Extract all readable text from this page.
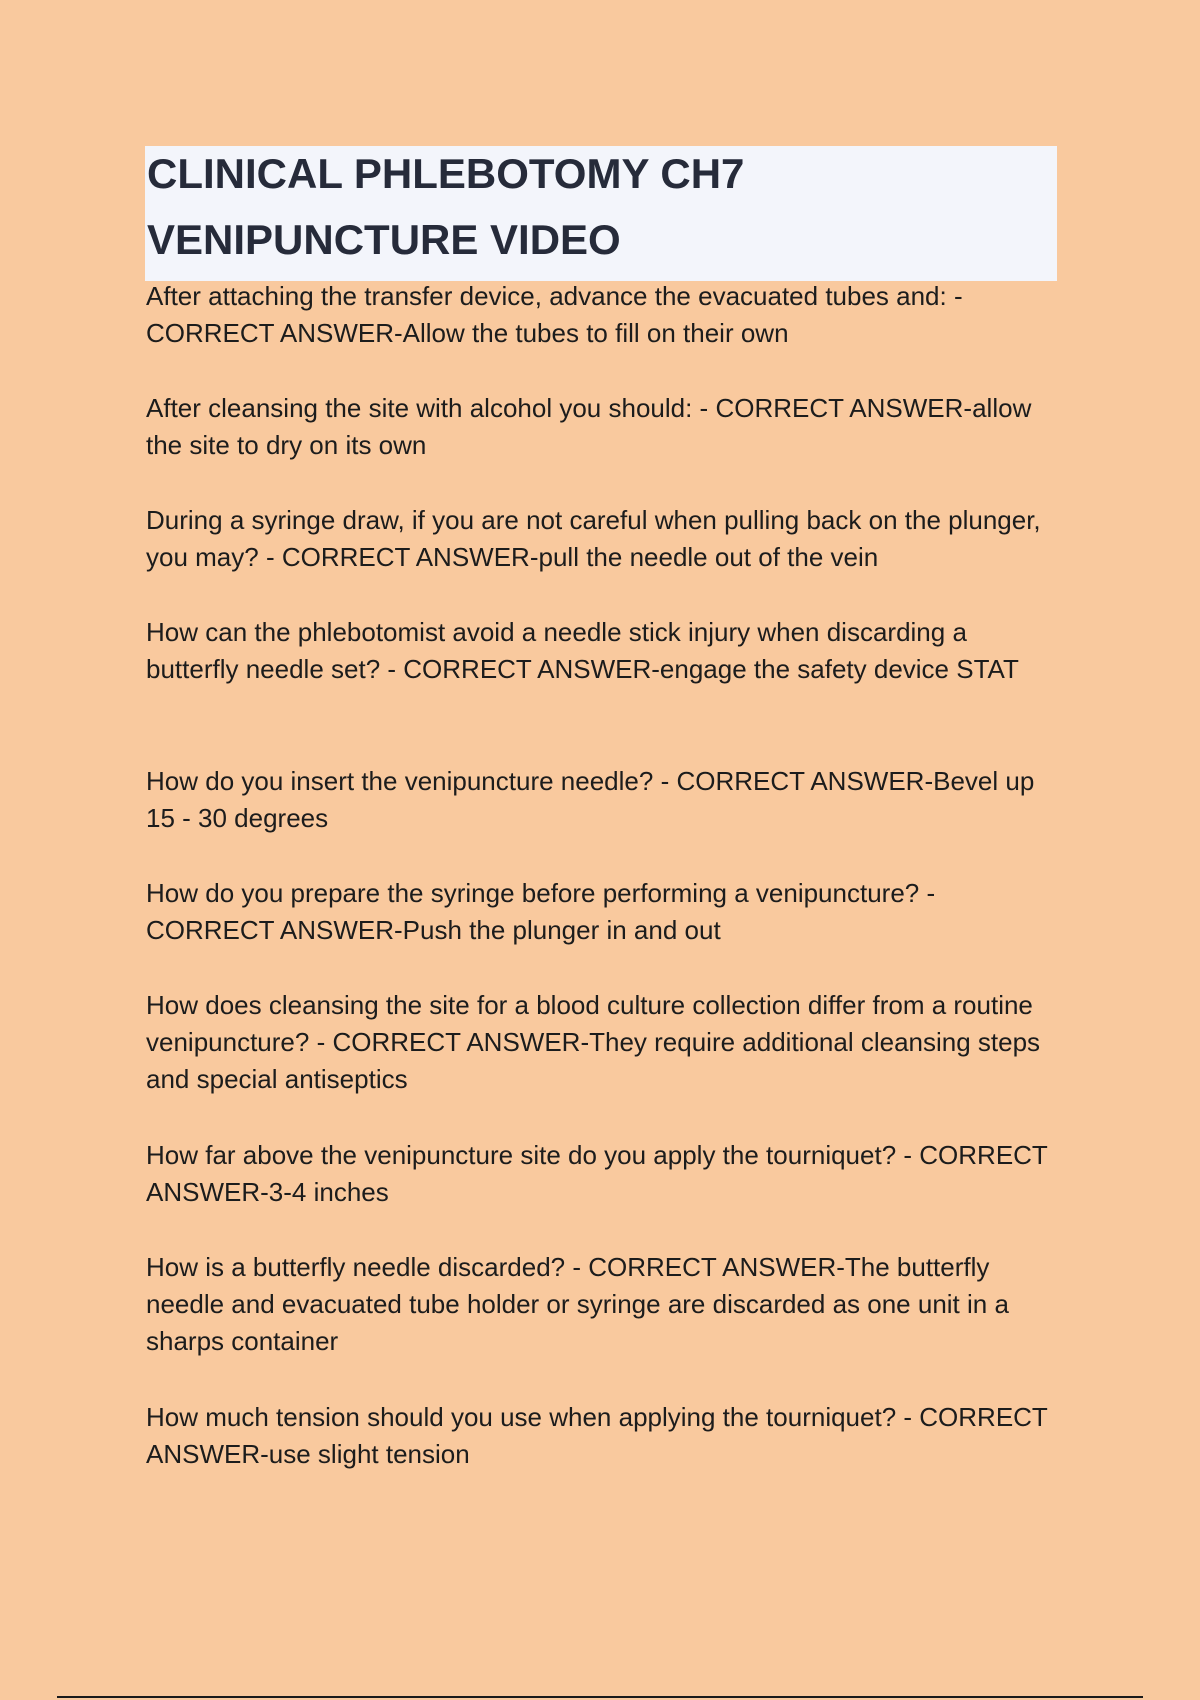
CLINICAL PHLEBOTOMY CH7
VENIPUNCTURE VIDEO

After attaching the transfer device, advance the evacuated tubes and: - CORRECT ANSWER-Allow the tubes to fill on their own

After cleansing the site with alcohol you should: - CORRECT ANSWER-allow the site to dry on its own

During a syringe draw, if you are not careful when pulling back on the plunger, you may? - CORRECT ANSWER-pull the needle out of the vein

How can the phlebotomist avoid a needle stick injury when discarding a butterfly needle set? - CORRECT ANSWER-engage the safety device STAT

How do you insert the venipuncture needle? - CORRECT ANSWER-Bevel up 15 - 30 degrees

How do you prepare the syringe before performing a venipuncture? - CORRECT ANSWER-Push the plunger in and out

How does cleansing the site for a blood culture collection differ from a routine venipuncture? - CORRECT ANSWER-They require additional cleansing steps and special antiseptics

How far above the venipuncture site do you apply the tourniquet? - CORRECT ANSWER-3-4 inches

How is a butterfly needle discarded? - CORRECT ANSWER-The butterfly needle and evacuated tube holder or syringe are discarded as one unit in a sharps container

How much tension should you use when applying the tourniquet? - CORRECT ANSWER-use slight tension
